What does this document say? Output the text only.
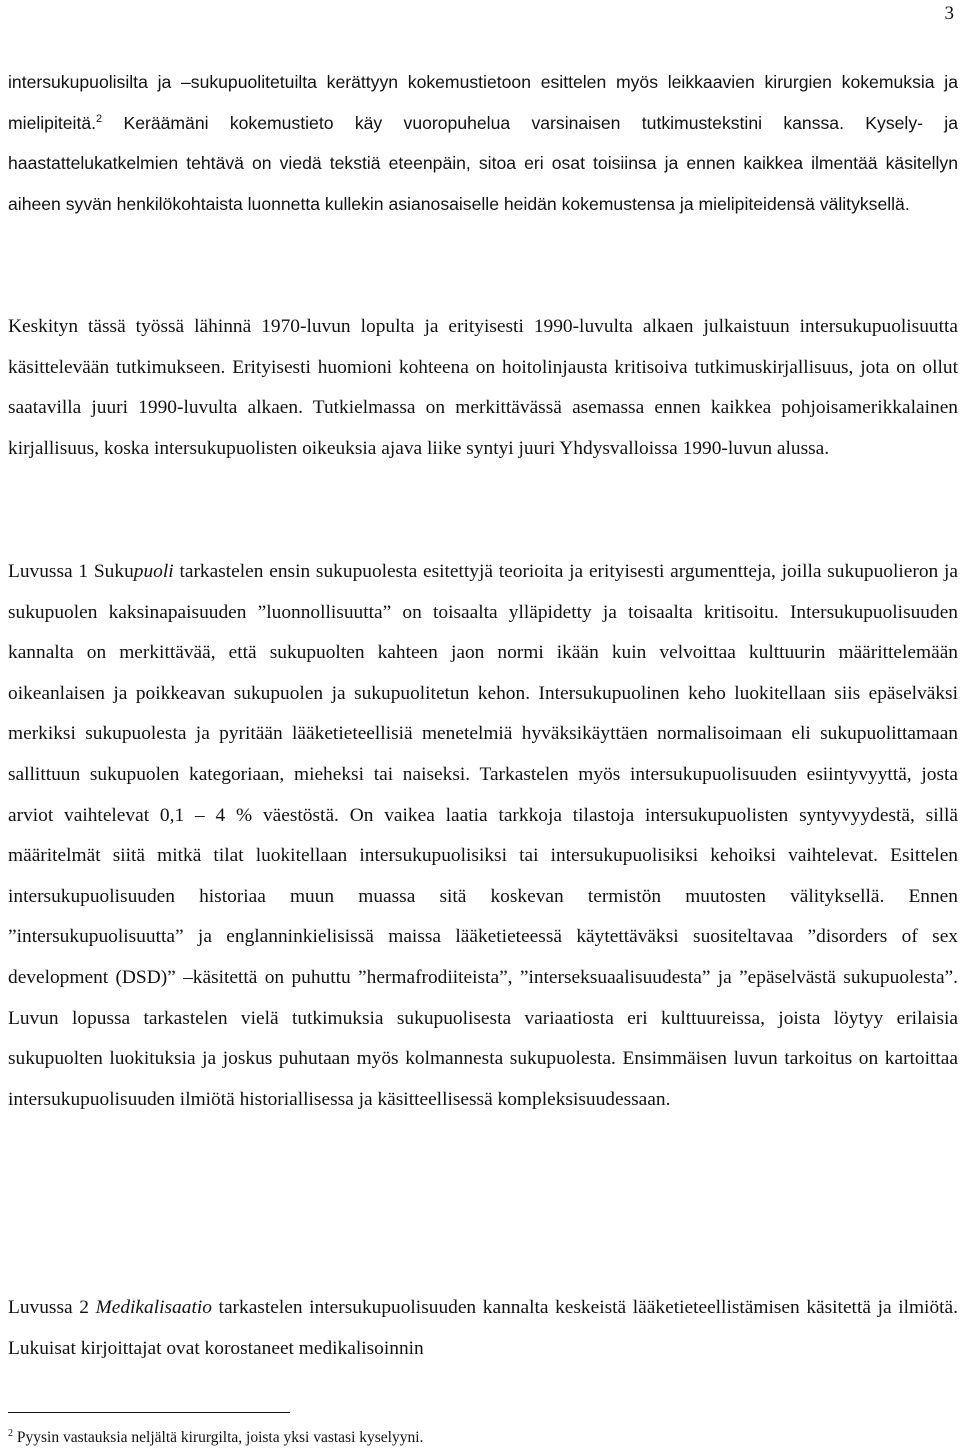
3

intersukupuolisilta ja –sukupuolitetuilta kerättyyn kokemustietoon esittelen myös leikkaavien kirurgien kokemuksia ja mielipiteitä.$^2$ Keräämäni kokemustieto käy vuoropuhelua varsinaisen tutkimustekstini kanssa. Kysely- ja haastattelukatkelmien tehtävä on viedä tekstiä eteenpäin, sitoa eri osat toisiinsa ja ennen kaikkea ilmentää käsitellyn aiheen syvän henkilökohtaista luonnetta kullekin asianosaiselle heidän kokemustensa ja mielipiteidensä välityksellä.

Keskityn tässä työssä lähinnä 1970-luvun lopulta ja erityisesti 1990-luvulta alkaen julkaistuun intersukupuolisuutta käsittelevään tutkimukseen. Erityisesti huomioni kohteena on hoitolinjausta kritisoiva tutkimuskirjallisuus, jota on ollut saatavilla juuri 1990-luvulta alkaen. Tutkielmassa on merkittävässä asemassa ennen kaikkea pohjoisamerikkalainen kirjallisuus, koska intersukupuolisten oikeuksia ajava liike syntyi juuri Yhdysvalloissa 1990-luvun alussa.

Luvussa 1 Sukupuoli tarkastelen ensin sukupuolesta esitettyjä teorioita ja erityisesti argumentteja, joilla sukupuolieron ja sukupuolen kaksinapaisuuden ”luonnollisuutta” on toisaalta ylläpidetty ja toisaalta kritisoitu. Intersukupuolisuuden kannalta on merkittävää, että sukupuolten kahteen jaon normi ikään kuin velvoittaa kulttuurin määrittelemään oikeanlaisen ja poikkeavan sukupuolen ja sukupuolitetun kehon. Intersukupuolinen keho luokitellaan siis epäselväksi merkiksi sukupuolesta ja pyritään lääketieteellisiä menetelmiä hyväksikäyttäen normalisoimaan eli sukupuolittamaan sallittuun sukupuolen kategoriaan, mieheksi tai naiseksi. Tarkastelen myös intersukupuolisuuden esiintyvyyttä, josta arviot vaihtelevat 0,1 – 4 % väestöstä. On vaikea laatia tarkkoja tilastoja intersukupuolisten syntyvyydestä, sillä määritelmät siitä mitkä tilat luokitellaan intersukupuolisiksi tai intersukupuolisiksi kehoiksi vaihtelevat. Esittelen intersukupuolisuuden historiaa muun muassa sitä koskevan termistön muutosten välityksellä. Ennen ”intersukupuolisuutta” ja englanninkielisissä maissa lääketieteessä käytettäväksi suositeltavaa ”disorders of sex development (DSD)” –käsitettä on puhuttu ”hermafrodiiteista”, ”interseksuaalisuudesta” ja ”epäselvästä sukupuolesta”. Luvun lopussa tarkastelen vielä tutkimuksia sukupuolisesta variaatiosta eri kulttuureissa, joista löytyy erilaisia sukupuolten luokituksia ja joskus puhutaan myös kolmannesta sukupuolesta. Ensimmäisen luvun tarkoitus on kartoittaa intersukupuolisuuden ilmiötä historiallisessa ja käsitteellisessä kompleksisuudessaan.

Luvussa 2 Medikalisaatio tarkastelen intersukupuolisuuden kannalta keskeistä lääketieteellistämisen käsitettä ja ilmiötä. Lukuisat kirjoittajat ovat korostaneet medikalisoinnin

$^2$ Pyysin vastauksia neljältä kirurgilta, joista yksi vastasi kyselyyni.
